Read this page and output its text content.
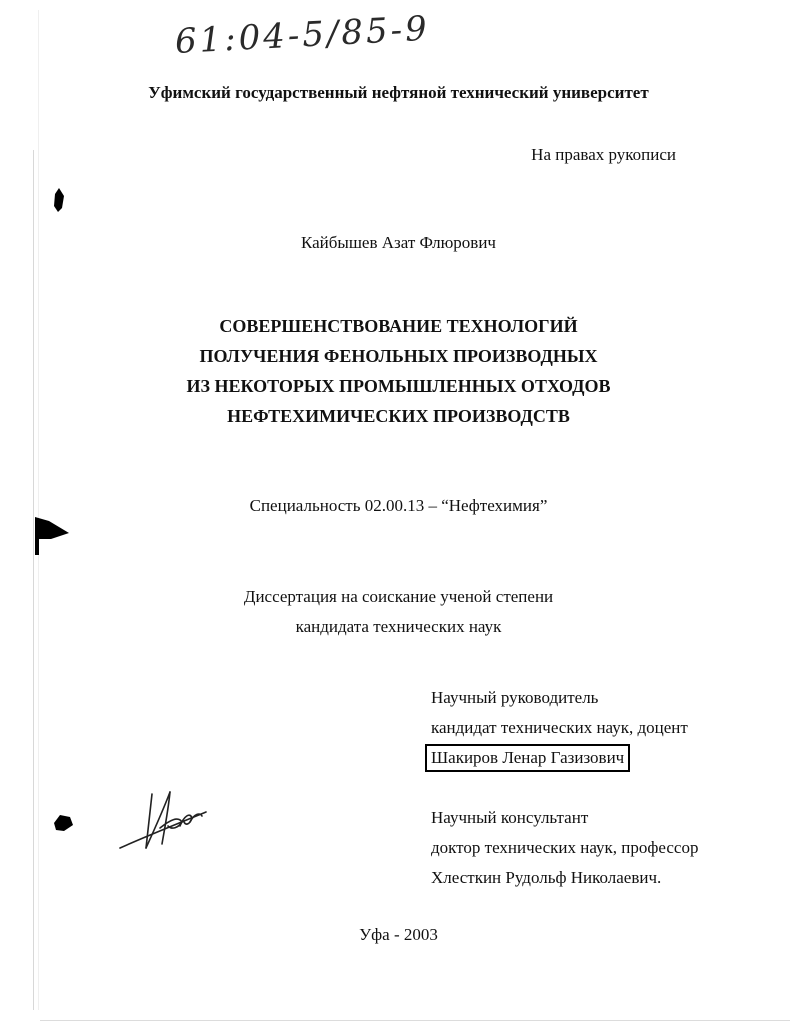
61:04-5/85-9
Уфимский государственный нефтяной технический университет
На правах рукописи
Кайбышев Азат Флюрович
СОВЕРШЕНСТВОВАНИЕ ТЕХНОЛОГИЙ
ПОЛУЧЕНИЯ ФЕНОЛЬНЫХ ПРОИЗВОДНЫХ
ИЗ НЕКОТОРЫХ ПРОМЫШЛЕННЫХ ОТХОДОВ
НЕФТЕХИМИЧЕСКИХ ПРОИЗВОДСТВ
Специальность 02.00.13 – “Нефтехимия”
Диссертация на соискание ученой степени
кандидата технических наук
Научный руководитель
кандидат технических наук, доцент
Шакиров Ленар Газизович
Научный консультант
доктор технических наук, профессор
Хлесткин Рудольф Николаевич.
Уфа - 2003
